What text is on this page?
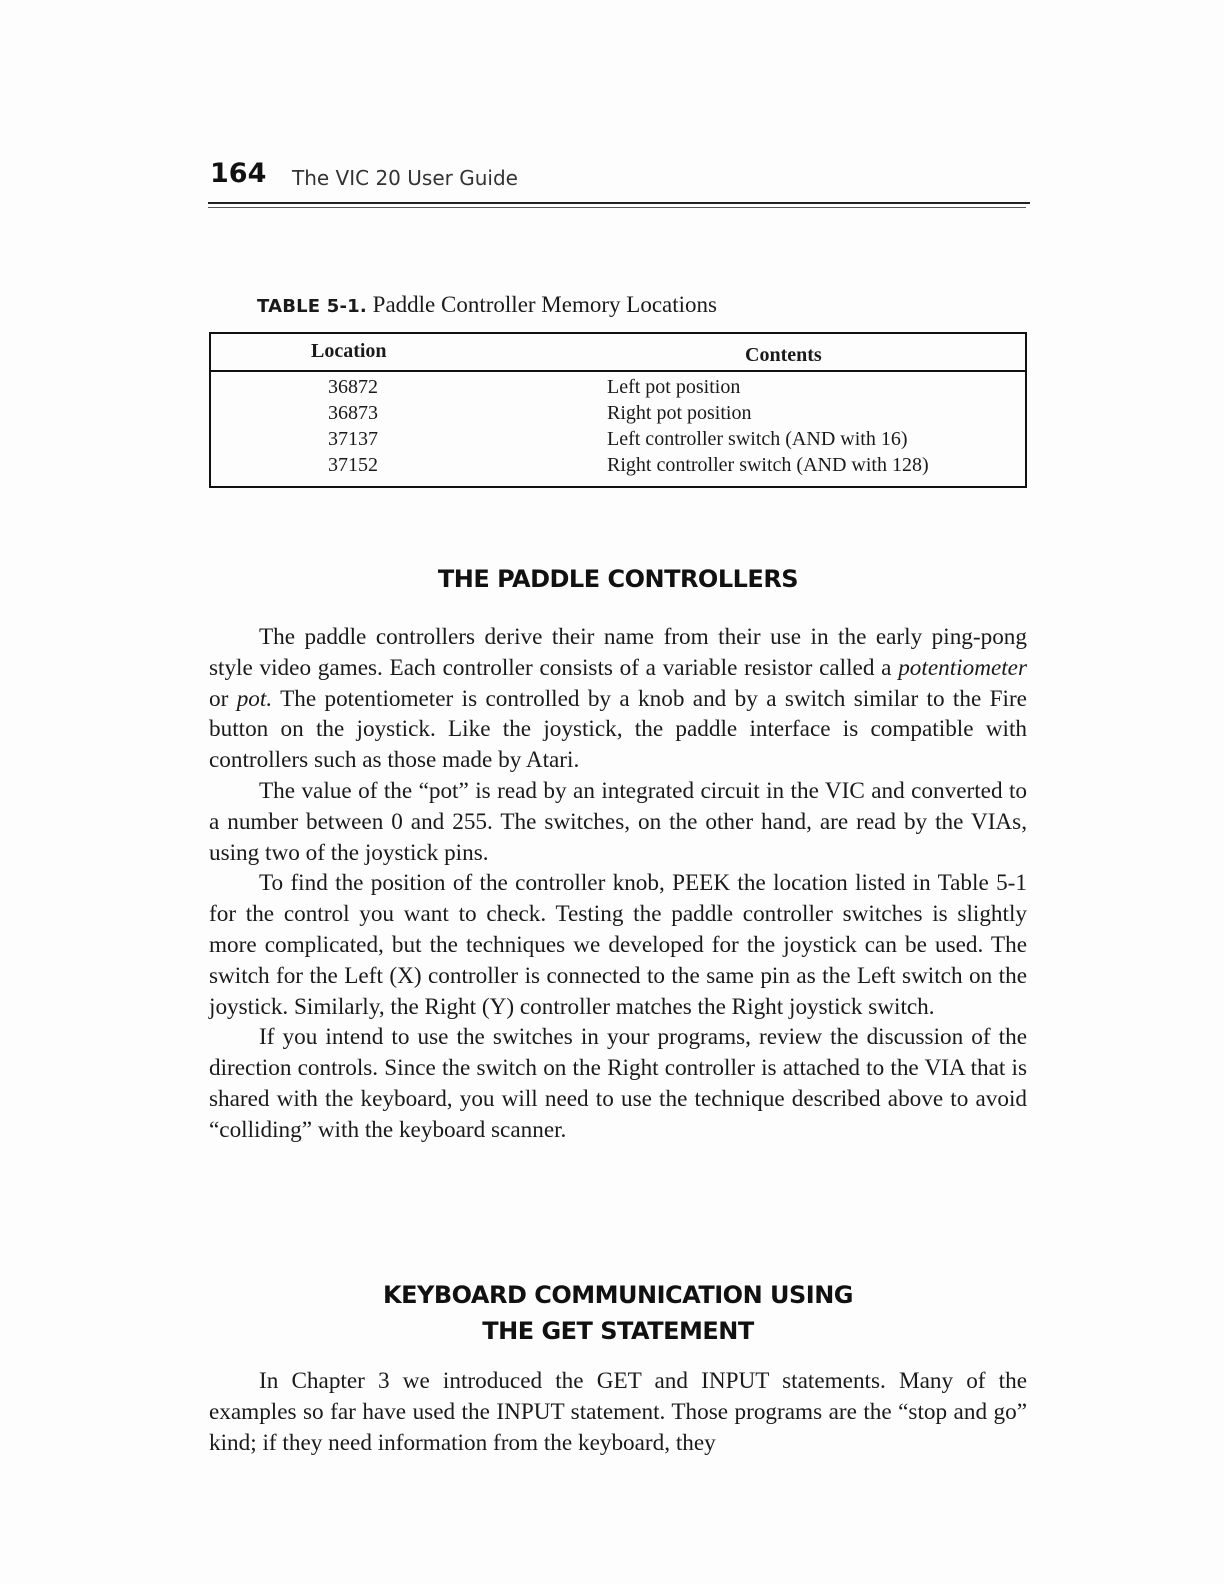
164 The VIC 20 User Guide
TABLE 5-1. Paddle Controller Memory Locations
Location	Contents
36872	Left pot position
36873	Right pot position
37137	Left controller switch (AND with 16)
37152	Right controller switch (AND with 128)
THE PADDLE CONTROLLERS

The paddle controllers derive their name from their use in the early ping-pong style video games. Each controller consists of a variable resistor called a potentiometer or pot. The potentiometer is controlled by a knob and by a switch similar to the Fire button on the joystick. Like the joystick, the paddle interface is compatible with controllers such as those made by Atari.

The value of the “pot” is read by an integrated circuit in the VIC and converted to a number between 0 and 255. The switches, on the other hand, are read by the VIAs, using two of the joystick pins.

To find the position of the controller knob, PEEK the location listed in Table 5-1 for the control you want to check. Testing the paddle controller switches is slightly more complicated, but the techniques we developed for the joystick can be used. The switch for the Left (X) controller is connected to the same pin as the Left switch on the joystick. Similarly, the Right (Y) controller matches the Right joystick switch.

If you intend to use the switches in your programs, review the discussion of the direction controls. Since the switch on the Right controller is attached to the VIA that is shared with the keyboard, you will need to use the technique described above to avoid “colliding” with the keyboard scanner.

KEYBOARD COMMUNICATION USING
THE GET STATEMENT

In Chapter 3 we introduced the GET and INPUT statements. Many of the examples so far have used the INPUT statement. Those programs are the “stop and go” kind; if they need information from the keyboard, they
